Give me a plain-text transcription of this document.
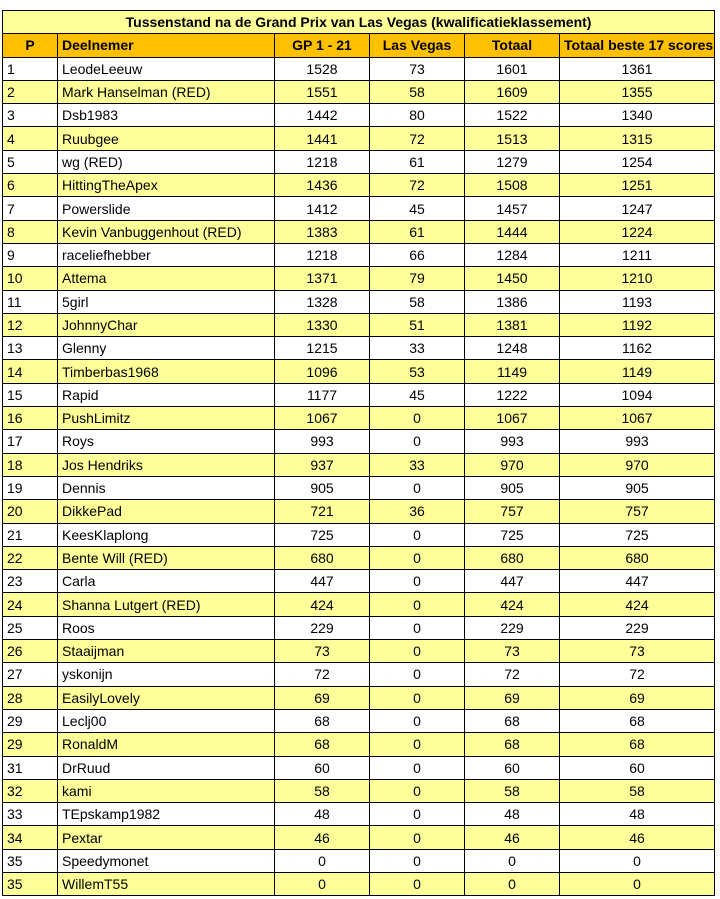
Tussenstand na de Grand Prix van Las Vegas (kwalificatieklassement)					
P	Deelnemer	GP 1 - 21	Las Vegas	Totaal	Totaal beste 17 scores
1	LeodeLeeuw	1528	73	1601	1361
2	Mark Hanselman (RED)	1551	58	1609	1355
3	Dsb1983	1442	80	1522	1340
4	Ruubgee	1441	72	1513	1315
5	wg (RED)	1218	61	1279	1254
6	HittingTheApex	1436	72	1508	1251
7	Powerslide	1412	45	1457	1247
8	Kevin Vanbuggenhout (RED)	1383	61	1444	1224
9	raceliefhebber	1218	66	1284	1211
10	Attema	1371	79	1450	1210
11	5girl	1328	58	1386	1193
12	JohnnyChar	1330	51	1381	1192
13	Glenny	1215	33	1248	1162
14	Timberbas1968	1096	53	1149	1149
15	Rapid	1177	45	1222	1094
16	PushLimitz	1067	0	1067	1067
17	Roys	993	0	993	993
18	Jos Hendriks	937	33	970	970
19	Dennis	905	0	905	905
20	DikkePad	721	36	757	757
21	KeesKlaplong	725	0	725	725
22	Bente Will (RED)	680	0	680	680
23	Carla	447	0	447	447
24	Shanna Lutgert (RED)	424	0	424	424
25	Roos	229	0	229	229
26	Staaijman	73	0	73	73
27	yskonijn	72	0	72	72
28	EasilyLovely	69	0	69	69
29	Leclj00	68	0	68	68
29	RonaldM	68	0	68	68
31	DrRuud	60	0	60	60
32	kami	58	0	58	58
33	TEpskamp1982	48	0	48	48
34	Pextar	46	0	46	46
35	Speedymonet	0	0	0	0
35	WillemT55	0	0	0	0
